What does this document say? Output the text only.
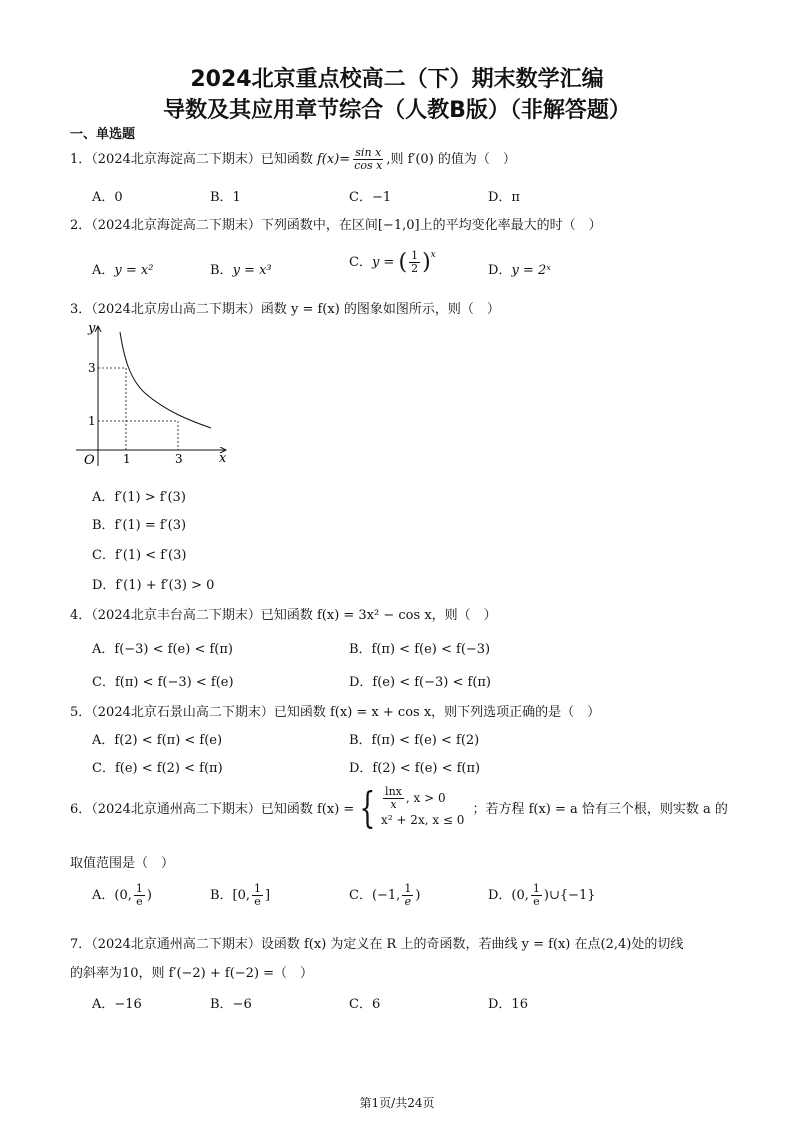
2024北京重点校高二（下）期末数学汇编
导数及其应用章节综合（人教B版）（非解答题）
一、单选题
1．（2024北京海淀高二下期末）已知函数 $f(x)= \frac{\text{sin x}}{\text{cos x}}$ ,则 f′(0) 的值为（　）
A．0	B．1	C．−1	D．π
2．（2024北京海淀高二下期末）下列函数中，在区间[−1,0]上的平均变化率最大的时（　）
A．y = x²	B．y = x³
C．y = ( $\frac{1}{2} )^x$
D．y = 2ˣ
3．（2024北京房山高二下期末）函数 y = f(x) 的图象如图所示，则（　）
y
x
O
3
1
1	3
A．f′(1) > f′(3)
B．f′(1) = f′(3)
C．f′(1) < f′(3)
D．f′(1) + f′(3) > 0
4．（2024北京丰台高二下期末）已知函数 f(x) = 3x² − cos x，则（　）
A．f(−3) < f(e) < f(π)	B．f(π) < f(e) < f(−3)
C．f(π) < f(−3) < f(e)	D．f(e) < f(−3) < f(π)
5．（2024北京石景山高二下期末）已知函数 f(x) = x + cos x，则下列选项正确的是（　）
A．f(2) < f(π) < f(e)	B．f(π) < f(e) < f(2)
C．f(e) < f(2) < f(π)	D．f(2) < f(e) < f(π)
6．（2024北京通州高二下期末）已知函数 f(x) = { $\frac{\ln x}{x}$ , x > 0
x² + 2x, x ≤ 0
；若方程 f(x) = a 恰有三个根，则实数 a 的
取值范围是（　）
A．(0, $\frac{1}{e}$ )	B．[0, $\frac{1}{e}$ ]	C．(−1, $\frac{1}{e}$ )	D．(0, $\frac{1}{e}$ )∪{−1}
7．（2024北京通州高二下期末）设函数 f(x) 为定义在 R 上的奇函数，若曲线 y = f(x) 在点(2,4)处的切线
的斜率为10，则 f′(−2) + f(−2) =（　）
A．−16	B．−6	C．6	D．16
第1页/共24页
